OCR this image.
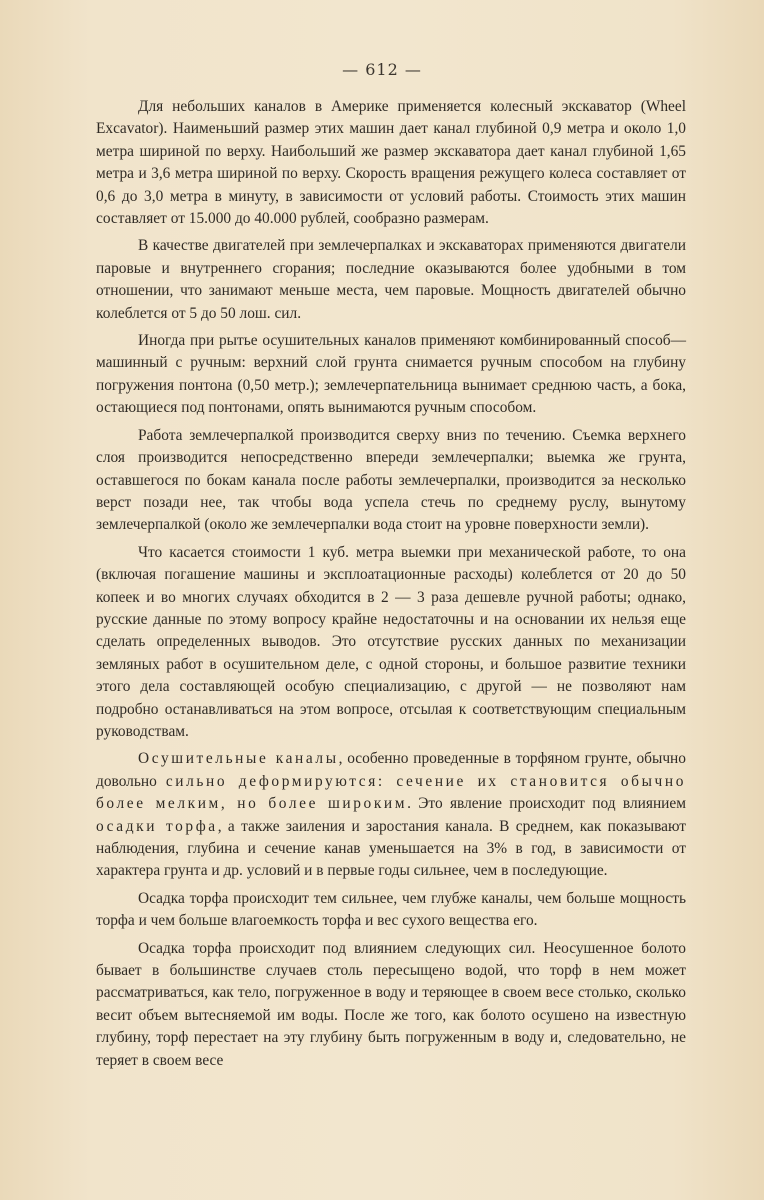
— 612 —

Для небольших каналов в Америке применяется колесный экскаватор (Wheel Excavator). Наименьший размер этих машин дает канал глубиной 0,9 метра и около 1,0 метра шириной по верху. Наибольший же размер экскаватора дает канал глубиной 1,65 метра и 3,6 метра шириной по верху. Скорость вращения режущего колеса составляет от 0,6 до 3,0 метра в минуту, в зависимости от условий работы. Стоимость этих машин составляет от 15.000 до 40.000 рублей, сообразно размерам.

В качестве двигателей при землечерпалках и экскаваторах применяются двигатели паровые и внутреннего сгорания; последние оказываются более удобными в том отношении, что занимают меньше места, чем паровые. Мощность двигателей обычно колеблется от 5 до 50 лош. сил.

Иногда при рытье осушительных каналов применяют комбинированный способ—машинный с ручным: верхний слой грунта снимается ручным способом на глубину погружения понтона (0,50 метр.); землечерпательница вынимает среднюю часть, а бока, остающиеся под понтонами, опять вынимаются ручным способом.

Работа землечерпалкой производится сверху вниз по течению. Съемка верхнего слоя производится непосредственно впереди землечерпалки; выемка же грунта, оставшегося по бокам канала после работы землечерпалки, производится за несколько верст позади нее, так чтобы вода успела стечь по среднему руслу, вынутому землечерпалкой (около же землечерпалки вода стоит на уровне поверхности земли).

Что касается стоимости 1 куб. метра выемки при механической работе, то она (включая погашение машины и эксплоатационные расходы) колеблется от 20 до 50 копеек и во многих случаях обходится в 2 — 3 раза дешевле ручной работы; однако, русские данные по этому вопросу крайне недостаточны и на основании их нельзя еще сделать определенных выводов. Это отсутствие русских данных по механизации земляных работ в осушительном деле, с одной стороны, и большое развитие техники этого дела составляющей особую специализацию, с другой — не позволяют нам подробно останавливаться на этом вопросе, отсылая к соответствующим специальным руководствам.

Осушительные каналы, особенно проведенные в торфяном грунте, обычно довольно сильно деформируются: сечение их становится обычно более мелким, но более широким. Это явление происходит под влиянием осадки торфа, а также заиления и заростания канала. В среднем, как показывают наблюдения, глубина и сечение канав уменьшается на 3% в год, в зависимости от характера грунта и др. условий и в первые годы сильнее, чем в последующие.

Осадка торфа происходит тем сильнее, чем глубже каналы, чем больше мощность торфа и чем больше влагоемкость торфа и вес сухого вещества его.

Осадка торфа происходит под влиянием следующих сил. Неосушенное болото бывает в большинстве случаев столь пересыщено водой, что торф в нем может рассматриваться, как тело, погруженное в воду и теряющее в своем весе столько, сколько весит объем вытесняемой им воды. После же того, как болото осушено на известную глубину, торф перестает на эту глубину быть погруженным в воду и, следовательно, не теряет в своем весе
